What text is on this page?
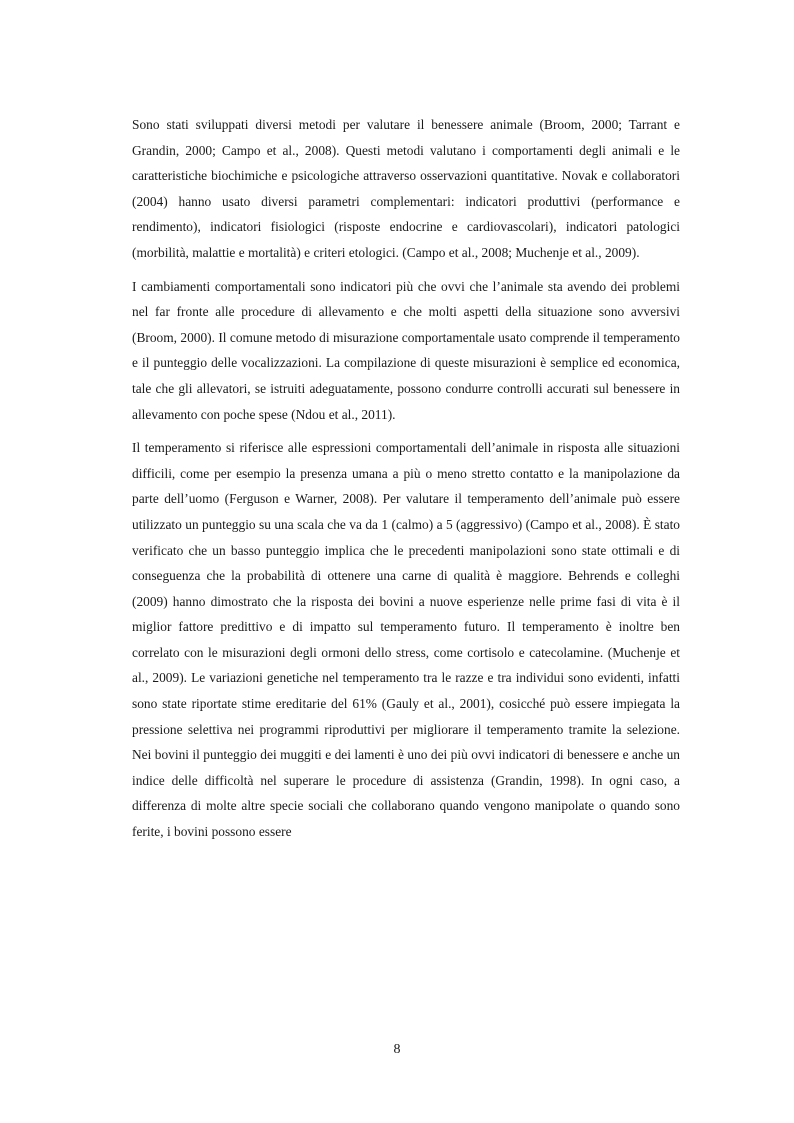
Sono stati sviluppati diversi metodi per valutare il benessere animale (Broom, 2000; Tarrant e Grandin, 2000; Campo et al., 2008). Questi metodi valutano i comportamenti degli animali e le caratteristiche biochimiche e psicologiche attraverso osservazioni quantitative. Novak e collaboratori (2004) hanno usato diversi parametri complementari: indicatori produttivi (performance e rendimento), indicatori fisiologici (risposte endocrine e cardiovascolari), indicatori patologici (morbilità, malattie e mortalità) e criteri etologici. (Campo et al., 2008; Muchenje et al., 2009).

I cambiamenti comportamentali sono indicatori più che ovvi che l’animale sta avendo dei problemi nel far fronte alle procedure di allevamento e che molti aspetti della situazione sono avversivi (Broom, 2000). Il comune metodo di misurazione comportamentale usato comprende il temperamento e il punteggio delle vocalizzazioni. La compilazione di queste misurazioni è semplice ed economica, tale che gli allevatori, se istruiti adeguatamente, possono condurre controlli accurati sul benessere in allevamento con poche spese (Ndou et al., 2011).

Il temperamento si riferisce alle espressioni comportamentali dell’animale in risposta alle situazioni difficili, come per esempio la presenza umana a più o meno stretto contatto e la manipolazione da parte dell’uomo (Ferguson e Warner, 2008). Per valutare il temperamento dell’animale può essere utilizzato un punteggio su una scala che va da 1 (calmo) a 5 (aggressivo) (Campo et al., 2008). È stato verificato che un basso punteggio implica che le precedenti manipolazioni sono state ottimali e di conseguenza che la probabilità di ottenere una carne di qualità è maggiore. Behrends e colleghi (2009) hanno dimostrato che la risposta dei bovini a nuove esperienze nelle prime fasi di vita è il miglior fattore predittivo e di impatto sul temperamento futuro. Il temperamento è inoltre ben correlato con le misurazioni degli ormoni dello stress, come cortisolo e catecolamine. (Muchenje et al., 2009). Le variazioni genetiche nel temperamento tra le razze e tra individui sono evidenti, infatti sono state riportate stime ereditarie del 61% (Gauly et al., 2001), cosicché può essere impiegata la pressione selettiva nei programmi riproduttivi per migliorare il temperamento tramite la selezione. Nei bovini il punteggio dei muggiti e dei lamenti è uno dei più ovvi indicatori di benessere e anche un indice delle difficoltà nel superare le procedure di assistenza (Grandin, 1998). In ogni caso, a differenza di molte altre specie sociali che collaborano quando vengono manipolate o quando sono ferite, i bovini possono essere

8
